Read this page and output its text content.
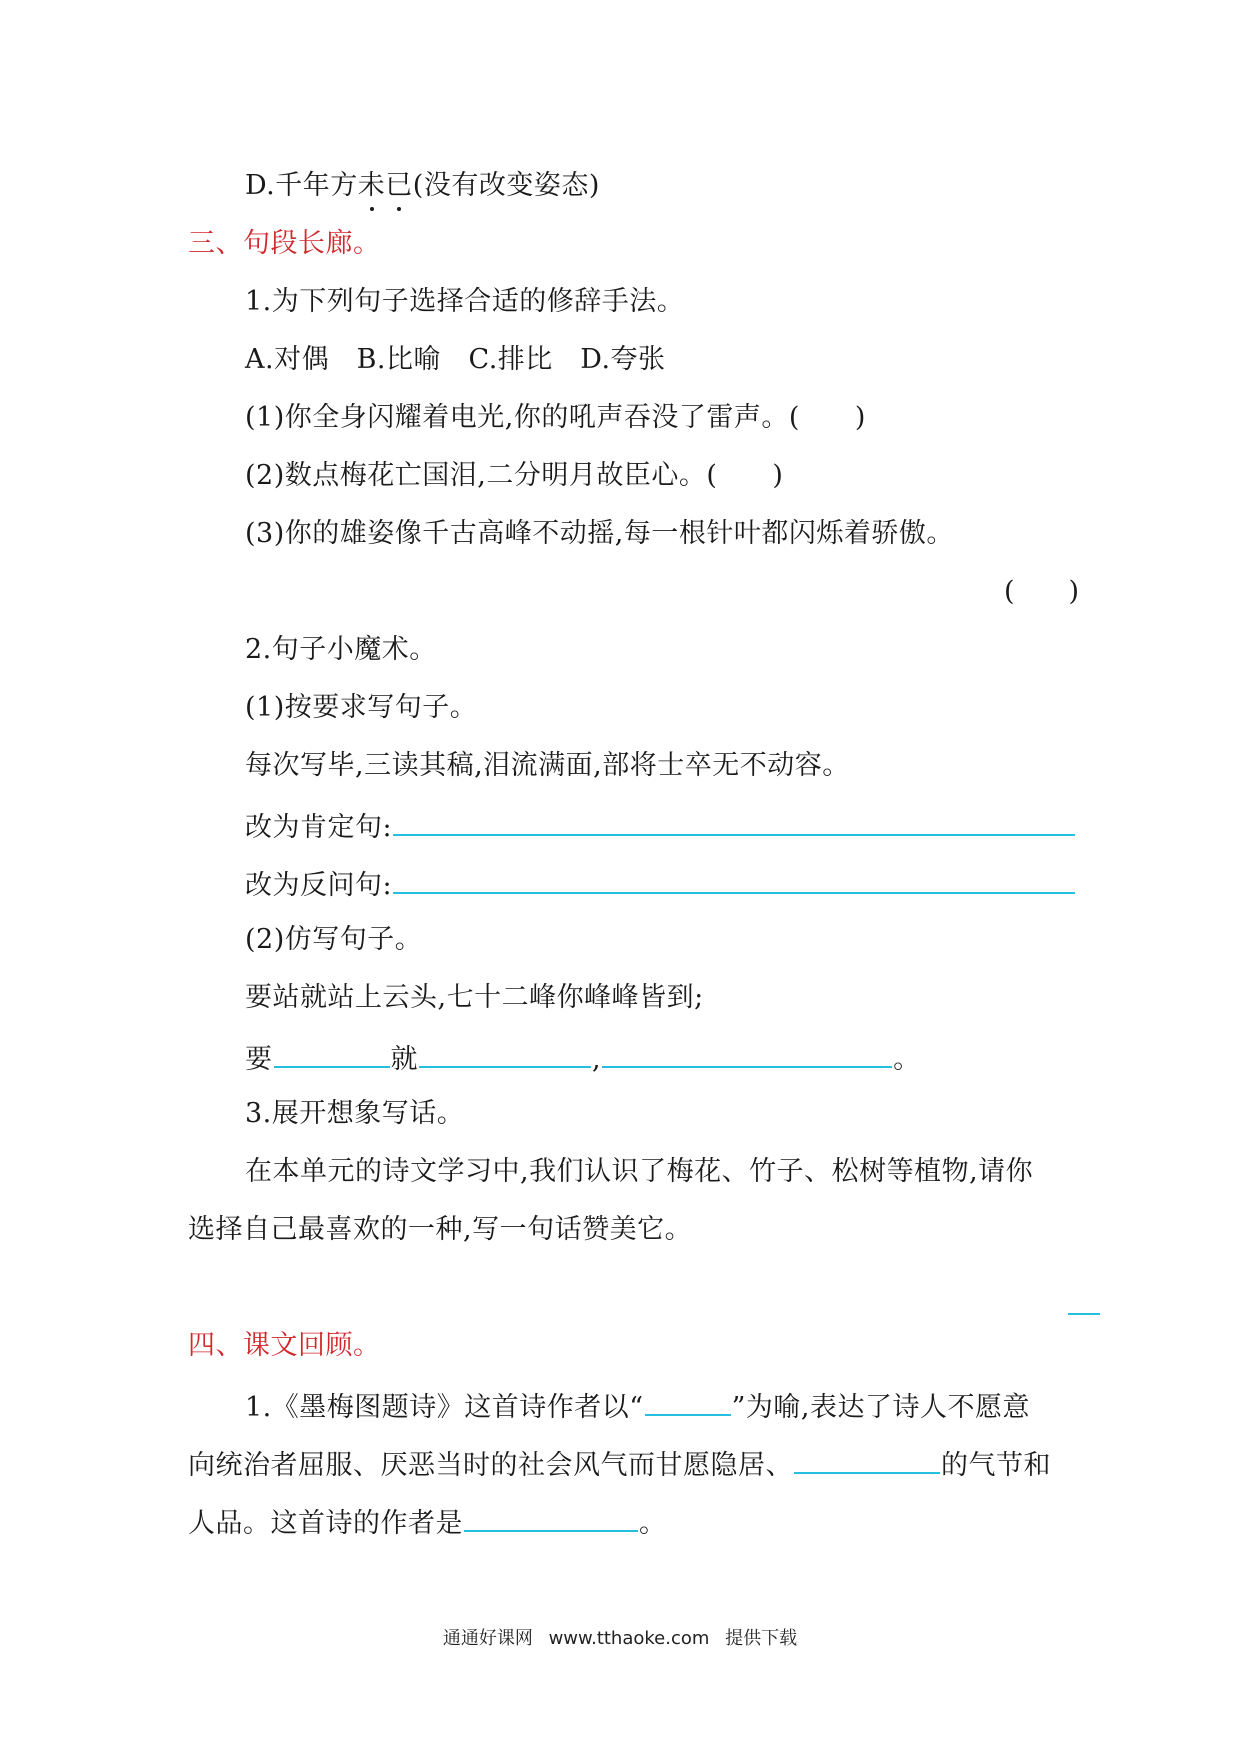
D.千年方未已(没有改变姿态)
三、句段长廊。
1.为下列句子选择合适的修辞手法。
A.对偶　B.比喻　C.排比　D.夸张
(1)你全身闪耀着电光,你的吼声吞没了雷声。(　　)
(2)数点梅花亡国泪,二分明月故臣心。(　　)
(3)你的雄姿像千古高峰不动摇,每一根针叶都闪烁着骄傲。
(　　)
2.句子小魔术。
(1)按要求写句子。
每次写毕,三读其稿,泪流满面,部将士卒无不动容。
改为肯定句:
改为反问句:
(2)仿写句子。
要站就站上云头,七十二峰你峰峰皆到;
要	就	,	。
3.展开想象写话。
在本单元的诗文学习中,我们认识了梅花、竹子、松树等植物,请你
选择自己最喜欢的一种,写一句话赞美它。
四、课文回顾。
1.《墨梅图题诗》这首诗作者以“	”为喻,表达了诗人不愿意
向统治者屈服、厌恶当时的社会风气而甘愿隐居、	的气节和
人品。这首诗的作者是	。
通通好课网 www.tthaoke.com 提供下载
